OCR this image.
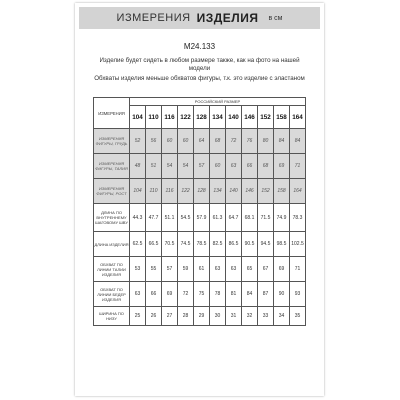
ИЗМЕРЕНИЯ ИЗДЕЛИЯ в см
M24.133
Изделие будет сидеть в любом размере также, как на фото на нашей модели
Обхваты изделия меньше обхватов фигуры, т.к. это изделие с эластаном
ИЗМЕРЕНИЯ	РОССИЙСКИЙ РАЗМЕР										
	104	110	116	122	128	134	140	146	152	158	164
ИЗМЕРЕНИЯ ФИГУРЫ, ГРУДЬ	52	56	60	60	64	68	72	76	80	84	84
ИЗМЕРЕНИЯ ФИГУРЫ, ТАЛИЯ	48	51	54	54	57	60	63	66	68	69	71
ИЗМЕРЕНИЯ ФИГУРЫ, РОСТ	104	110	116	122	128	134	140	146	152	158	164
ДЛИНА ПО ВНУТРЕННЕМУ ШАГОВОМУ ШВУ	44.3	47.7	51.1	54.5	57.9	61.3	64.7	68.1	71.5	74.9	78.3
ДЛИНА ИЗДЕЛИЯ	62.5	66.5	70.5	74.5	78.5	82.5	86.5	90.5	94.5	98.5	102.5
ОБХВАТ ПО ЛИНИИ ТАЛИИ ИЗДЕЛИЯ	53	55	57	59	61	63	63	65	67	69	71
ОБХВАТ ПО ЛИНИИ БЕДЕР ИЗДЕЛИЯ	63	66	69	72	75	78	81	84	87	90	93
ШИРИНА ПО НИЗУ	25	26	27	28	29	30	31	32	33	34	35
